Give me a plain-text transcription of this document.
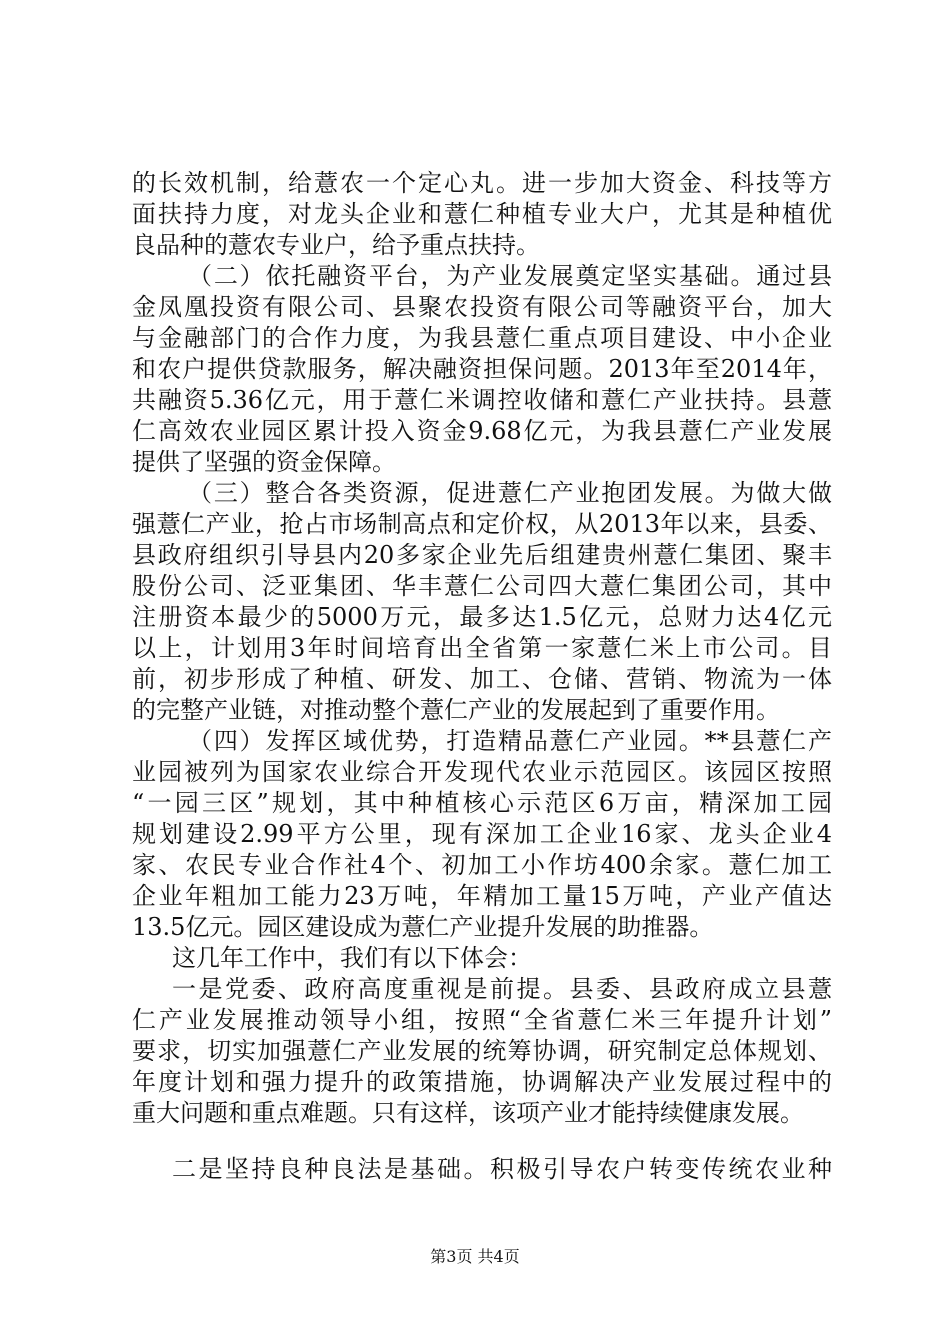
的长效机制，给薏农一个定心丸。进一步加大资金、科技等方
面扶持力度，对龙头企业和薏仁种植专业大户，尤其是种植优
良品种的薏农专业户，给予重点扶持。
（二）依托融资平台，为产业发展奠定坚实基础。通过县
金凤凰投资有限公司、县聚农投资有限公司等融资平台，加大
与金融部门的合作力度，为我县薏仁重点项目建设、中小企业
和农户提供贷款服务，解决融资担保问题。2013年至2014年，
共融资5.36亿元，用于薏仁米调控收储和薏仁产业扶持。县薏
仁高效农业园区累计投入资金9.68亿元，为我县薏仁产业发展
提供了坚强的资金保障。
（三）整合各类资源，促进薏仁产业抱团发展。为做大做
强薏仁产业，抢占市场制高点和定价权，从2013年以来，县委、
县政府组织引导县内20多家企业先后组建贵州薏仁集团、聚丰
股份公司、泛亚集团、华丰薏仁公司四大薏仁集团公司，其中
注册资本最少的5000万元，最多达1.5亿元，总财力达4亿元
以上，计划用3年时间培育出全省第一家薏仁米上市公司。目
前，初步形成了种植、研发、加工、仓储、营销、物流为一体
的完整产业链，对推动整个薏仁产业的发展起到了重要作用。
（四）发挥区域优势，打造精品薏仁产业园。**县薏仁产
业园被列为国家农业综合开发现代农业示范园区。该园区按照
“一园三区”规划，其中种植核心示范区6万亩，精深加工园
规划建设2.99平方公里，现有深加工企业16家、龙头企业4
家、农民专业合作社4个、初加工小作坊400余家。薏仁加工
企业年粗加工能力23万吨，年精加工量15万吨，产业产值达
13.5亿元。园区建设成为薏仁产业提升发展的助推器。
这几年工作中，我们有以下体会：
一是党委、政府高度重视是前提。县委、县政府成立县薏
仁产业发展推动领导小组，按照“全省薏仁米三年提升计划”
要求，切实加强薏仁产业发展的统筹协调，研究制定总体规划、
年度计划和强力提升的政策措施，协调解决产业发展过程中的
重大问题和重点难题。只有这样，该项产业才能持续健康发展。
二是坚持良种良法是基础。积极引导农户转变传统农业种
第3页 共4页
